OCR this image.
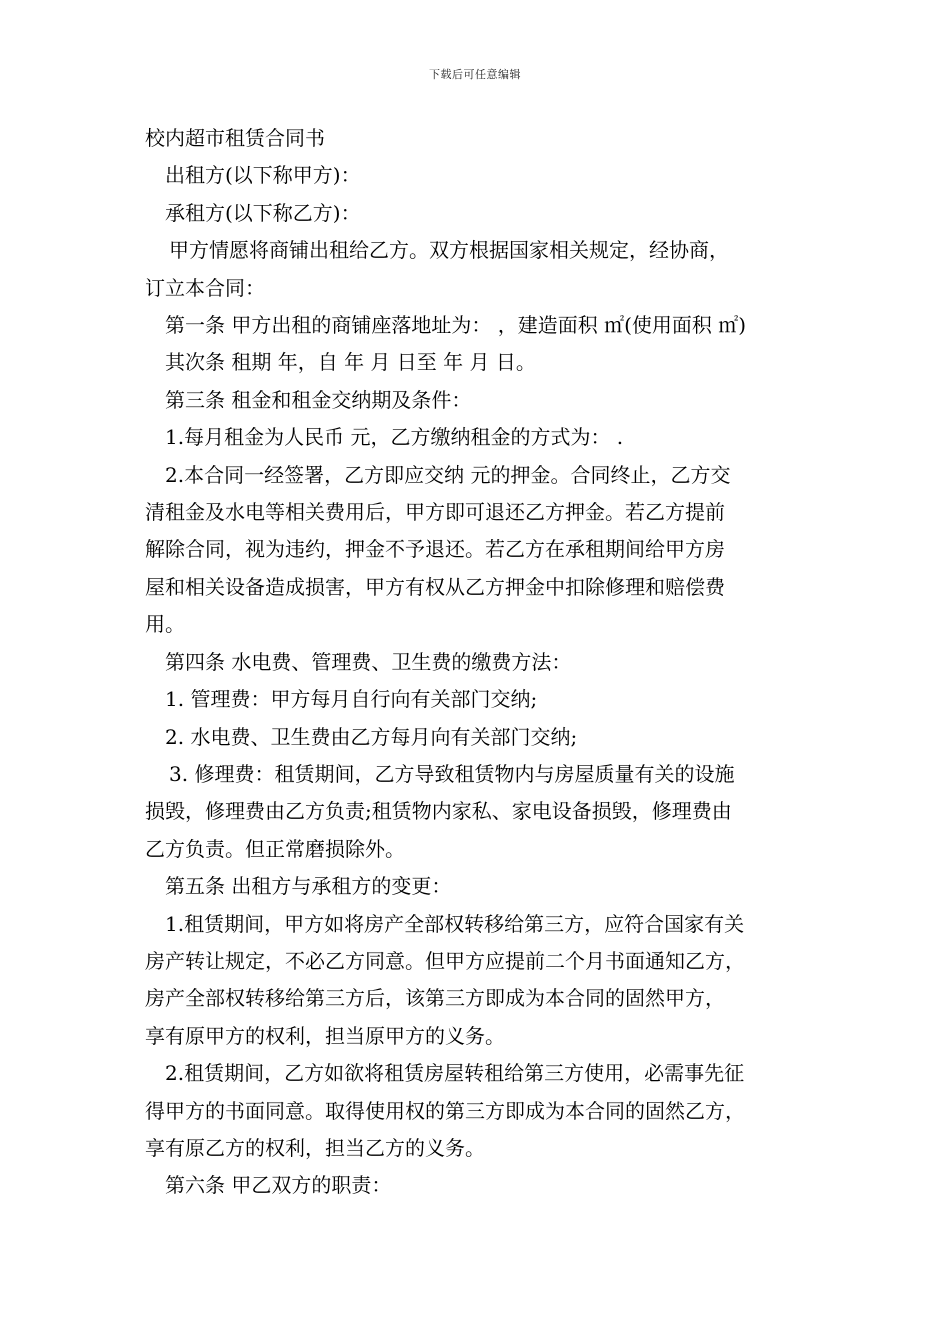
下载后可任意编辑

校内超市租赁合同书

出租方(以下称甲方)：

承租方(以下称乙方)：

甲方情愿将商铺出租给乙方。双方根据国家相关规定，经协商，

订立本合同：

第一条 甲方出租的商铺座落地址为： ，建造面积 ㎡(使用面积 ㎡)

其次条 租期 年，自 年 月 日至 年 月 日。

第三条 租金和租金交纳期及条件：

1.每月租金为人民币 元，乙方缴纳租金的方式为： .

2.本合同一经签署，乙方即应交纳 元的押金。合同终止，乙方交

清租金及水电等相关费用后，甲方即可退还乙方押金。若乙方提前

解除合同，视为违约，押金不予退还。若乙方在承租期间给甲方房

屋和相关设备造成损害，甲方有权从乙方押金中扣除修理和赔偿费

用。

第四条 水电费、管理费、卫生费的缴费方法：

1. 管理费：甲方每月自行向有关部门交纳;

2. 水电费、卫生费由乙方每月向有关部门交纳;

3. 修理费：租赁期间，乙方导致租赁物内与房屋质量有关的设施

损毁，修理费由乙方负责;租赁物内家私、家电设备损毁，修理费由

乙方负责。但正常磨损除外。

第五条 出租方与承租方的变更：

1.租赁期间，甲方如将房产全部权转移给第三方，应符合国家有关

房产转让规定，不必乙方同意。但甲方应提前二个月书面通知乙方，

房产全部权转移给第三方后，该第三方即成为本合同的固然甲方，

享有原甲方的权利，担当原甲方的义务。

2.租赁期间，乙方如欲将租赁房屋转租给第三方使用，必需事先征

得甲方的书面同意。取得使用权的第三方即成为本合同的固然乙方，

享有原乙方的权利，担当乙方的义务。

第六条 甲乙双方的职责：
